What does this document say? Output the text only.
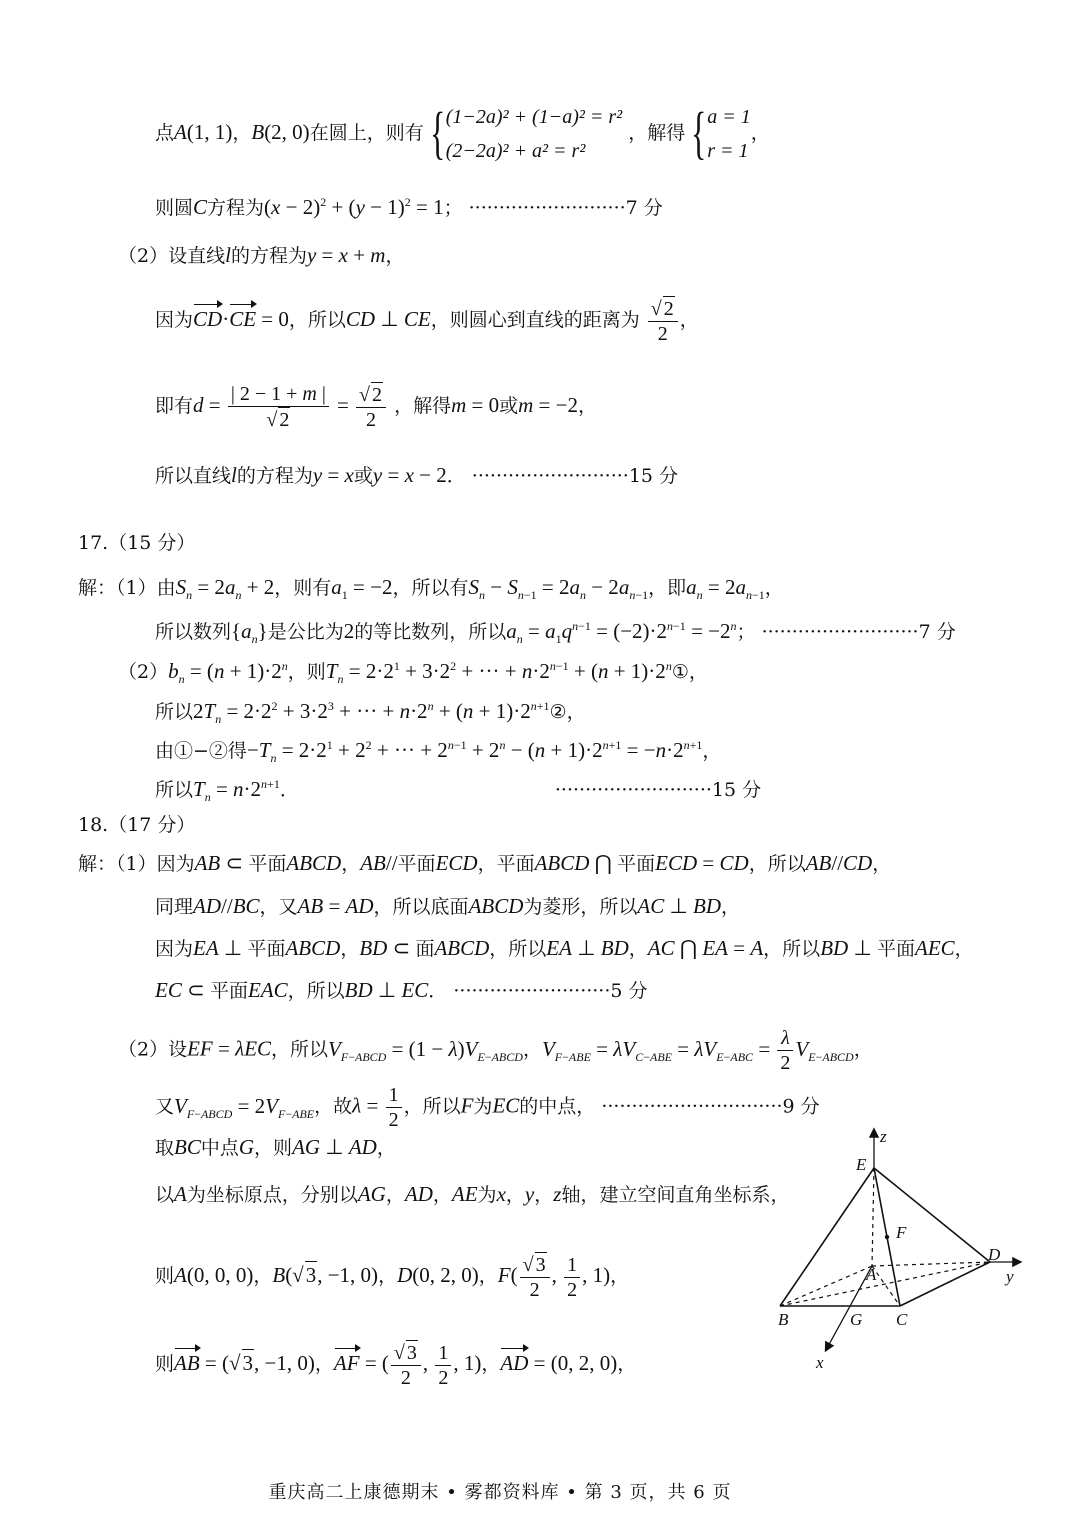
点A(1, 1)，B(2, 0)在圆上，则有 { (1−2a)² + (1−a)² = r²
(2−2a)² + a² = r²
，解得 { a = 1
r = 1
，
则圆C方程为$(x - 2)^2 + (y - 1)^2 = 1$； ··························7 分
（2）设直线l的方程为y = x + m，
因为CD·CE = 0，所以CD ⊥ CE，则圆心到直线的距离为 $\frac{√ 2}{2}$ ，
即有$d = \frac{| 2 - 1 + m |}{√ 2} = \frac{√ 2}{2}$ ，解得m = 0或m = −2，
所以直线l的方程为y = x或y = x − 2． ··························15 分
17.（15 分）
解：（1）由$S_n = 2a_n + 2$，则有$a_1 = -2$，所以有$S_n - S_{n-1} = 2a_n - 2a_{n-1}$，即$a_n = 2a_{n-1}$，
所以数列$\{a_n\}$是公比为2的等比数列，所以$a_n = a_1q^{n-1} = (-2)\cdot 2^{n-1} = -2^n$； ··························7 分
$(2)b_n = (n + 1)\cdot 2^n$，则$T_n = 2\cdot 2^1 + 3\cdot 2^2$ + ··· + $n\cdot 2^{n-1} + (n$ + $1)\cdot 2^n①$，
所以$2T_n = 2\cdot 2^2 + 3\cdot 2^3$ + ··· + $n\cdot 2^n + (n$ + $1)\cdot 2^{n+1}②$，
由①−②得$-T_n = 2\cdot 2^1 + 2^2$ + ··· + $2^{n-1} + 2^n - (n + 1)\cdot 2^{n+1} = -n\cdot 2^{n+1}$，
所以$T_n = n\cdot 2^{n+1}$．	··························15 分
18.（17 分）
解：（1）因为AB ⊂ 平面ABCD，AB//平面ECD，平面ABCD ⋂ 平面ECD = CD，所以AB//CD，
同理AD//BC，又AB = AD，所以底面ABCD为菱形，所以AC ⊥ BD，
因为EA ⊥ 平面ABCD，BD ⊂ 面ABCD，所以EA ⊥ BD，AC ⋂ EA = A，所以BD ⊥ 平面AEC，
EC ⊂ 平面EAC，所以BD ⊥ EC． ··························5 分
（2）设EF = λEC，所以$V_{F-ABCD} = (1 - \lambda)V_{E-ABCD}$，$V_{F-ABE} = \lambda V_{C-ABE} = \lambda V_{E-ABC} = \frac{\lambda}{2} V_{E-ABCD}$，
又$V_{F-ABCD} = 2V_{F-ABE}$，故$\lambda = \frac{1}{2}$ ，所以F为EC的中点， ······························9 分
取BC中点G，则AG ⊥ AD，
以A为坐标原点，分别以AG，AD，AE为x，y，z轴，建立空间直角坐标系，
则A(0, 0, 0)，B(√3, −1, 0)，D(0, 2, 0)，$F( \frac{√ 3}{2}$ , $\frac{1}{2}$ , 1)，
则AB = (√3, −1, 0)，AF = ( $\frac{√ 3}{2}$ , $\frac{1}{2}$ , 1)，AD = (0, 2, 0)，
z
E
F
D
y
A
B	G C
x
重庆高二上康德期末 • 雾都资料库 • 第 3 页，共 6 页
